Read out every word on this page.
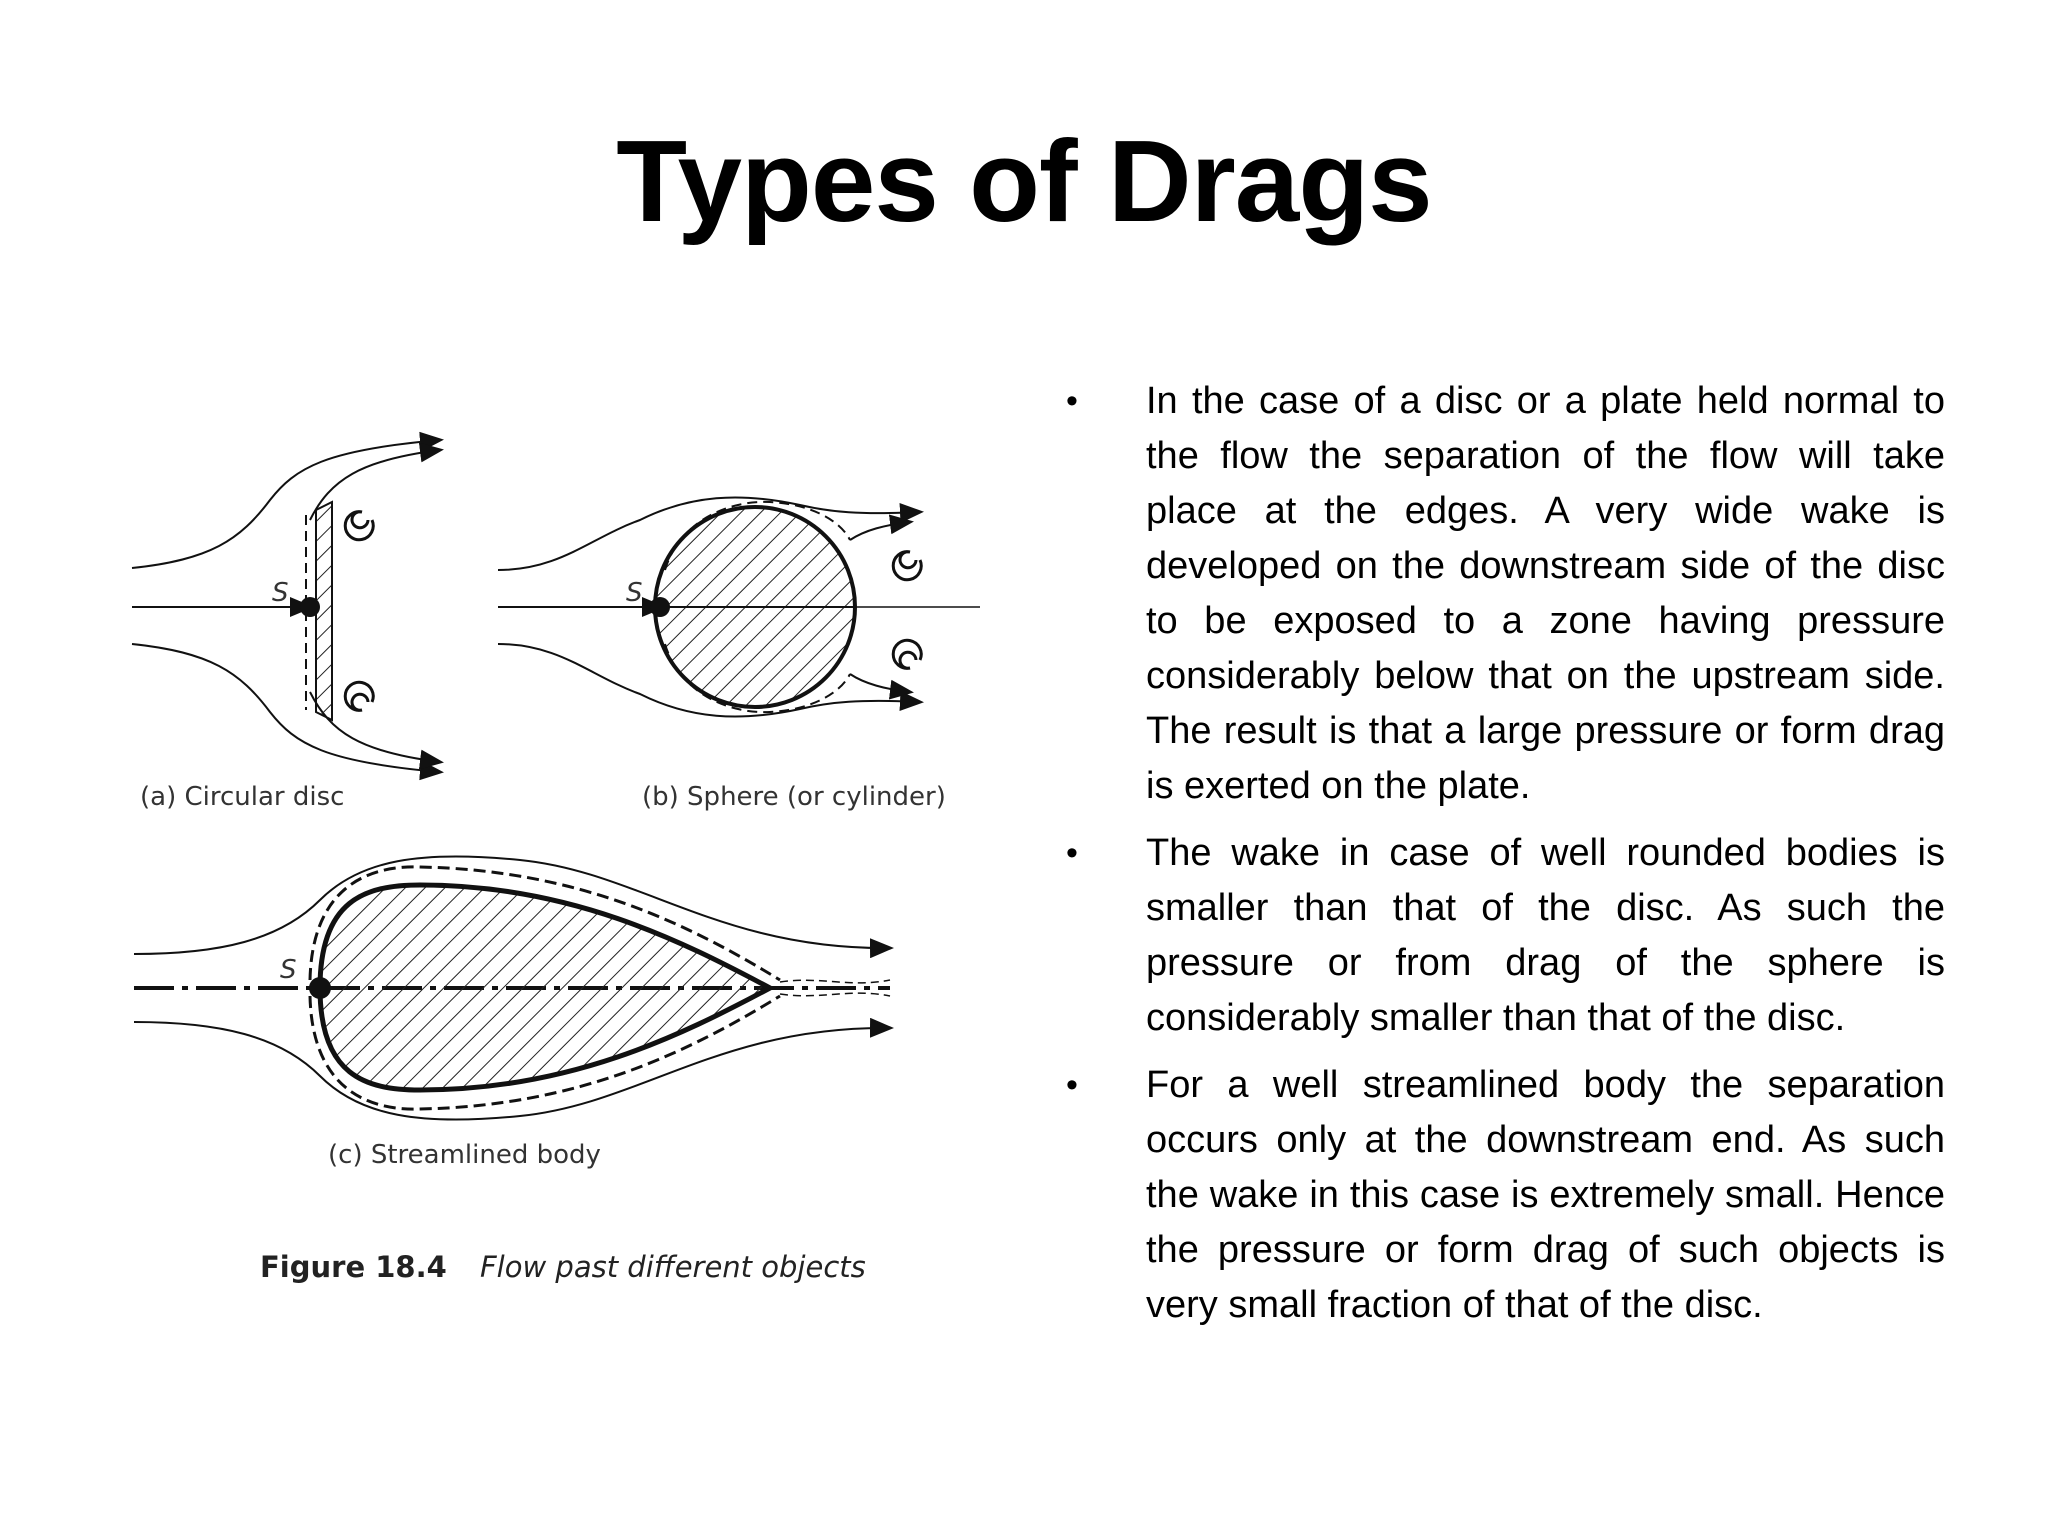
Types of Drags
S	S
S
(a) Circular disc	(b) Sphere (or cylinder)
(c) Streamlined body
Figure 18.4 Flow past different objects
• In the case of a disc or a plate held normal to the flow the separation of the flow will take place at the edges. A very wide wake is developed on the downstream side of the disc to be exposed to a zone having pressure considerably below that on the upstream side. The result is that a large pressure or form drag is exerted on the plate.
• The wake in case of well rounded bodies is smaller than that of the disc. As such the pressure or from drag of the sphere is considerably smaller than that of the disc.
• For a well streamlined body the separation occurs only at the downstream end. As such the wake in this case is extremely small. Hence the pressure or form drag of such objects is very small fraction of that of the disc.
